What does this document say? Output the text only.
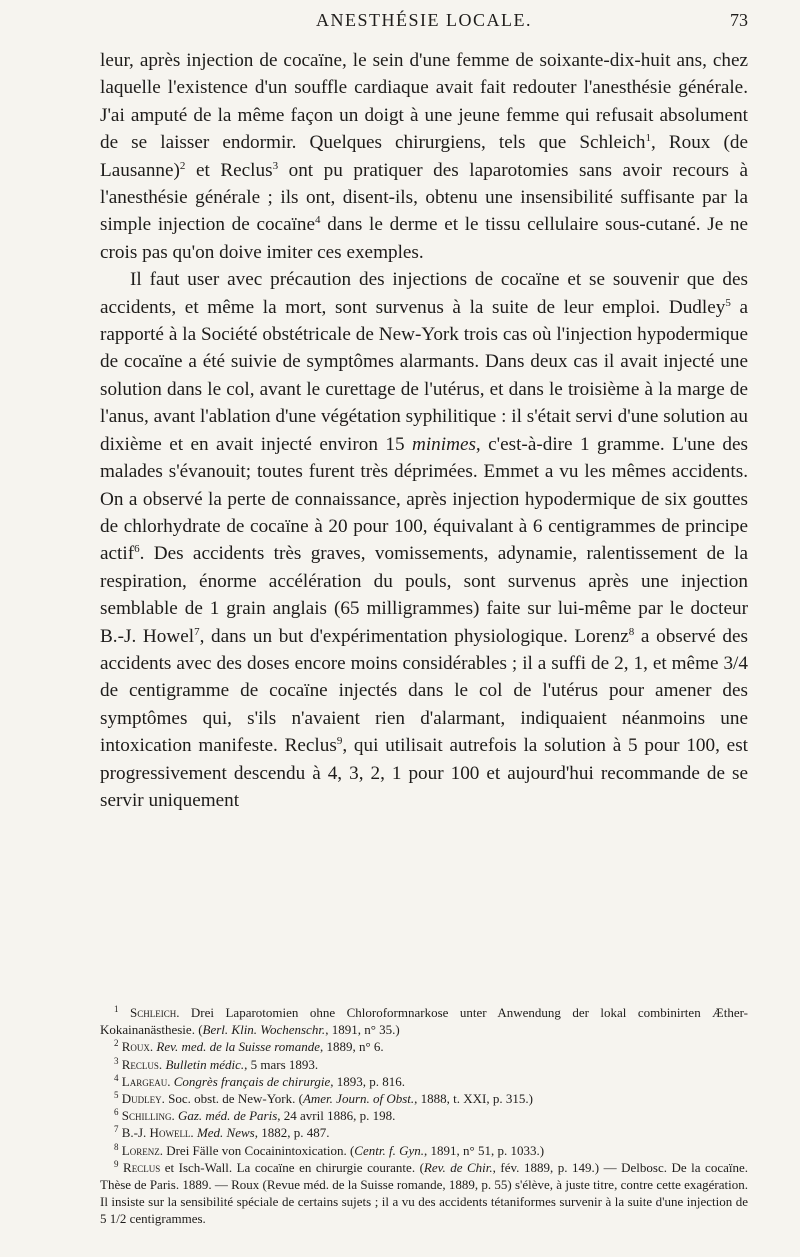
ANESTHÉSIE LOCALE.	73

leur, après injection de cocaïne, le sein d'une femme de soixante-dix-huit ans, chez laquelle l'existence d'un souffle cardiaque avait fait redouter l'anesthésie générale. J'ai amputé de la même façon un doigt à une jeune femme qui refusait absolument de se laisser endormir. Quelques chirurgiens, tels que Schleich$^1$, Roux (de Lausanne)$^2$ et Reclus$^3$ ont pu pratiquer des laparotomies sans avoir recours à l'anesthésie générale ; ils ont, disent-ils, obtenu une insensibilité suffisante par la simple injection de cocaïne$^4$ dans le derme et le tissu cellulaire sous-cutané. Je ne crois pas qu'on doive imiter ces exemples.

Il faut user avec précaution des injections de cocaïne et se souvenir que des accidents, et même la mort, sont survenus à la suite de leur emploi. Dudley$^5$ a rapporté à la Société obstétricale de New-York trois cas où l'injection hypodermique de cocaïne a été suivie de symptômes alarmants. Dans deux cas il avait injecté une solution dans le col, avant le curettage de l'utérus, et dans le troisième à la marge de l'anus, avant l'ablation d'une végétation syphilitique : il s'était servi d'une solution au dixième et en avait injecté environ 15 minimes, c'est-à-dire 1 gramme. L'une des malades s'évanouit; toutes furent très déprimées. Emmet a vu les mêmes accidents. On a observé la perte de connaissance, après injection hypodermique de six gouttes de chlorhydrate de cocaïne à 20 pour 100, équivalant à 6 centigrammes de principe actif$^6$. Des accidents très graves, vomissements, adynamie, ralentissement de la respiration, énorme accélération du pouls, sont survenus après une injection semblable de 1 grain anglais (65 milligrammes) faite sur lui-même par le docteur B.-J. Howel$^7$, dans un but d'expérimentation physiologique. Lorenz$^8$ a observé des accidents avec des doses encore moins considérables ; il a suffi de 2, 1, et même 3/4 de centigramme de cocaïne injectés dans le col de l'utérus pour amener des symptômes qui, s'ils n'avaient rien d'alarmant, indiquaient néanmoins une intoxication manifeste. Reclus$^9$, qui utilisait autrefois la solution à 5 pour 100, est progressivement descendu à 4, 3, 2, 1 pour 100 et aujourd'hui recommande de se servir uniquement

$^1$ Schleich. Drei Laparotomien ohne Chloroformnarkose unter Anwendung der lokal combinirten Æther-Kokainanästhesie. (Berl. Klin. Wochenschr., 1891, n° 35.)

$^2$ Roux. Rev. med. de la Suisse romande, 1889, n° 6.

$^3$ Reclus. Bulletin médic., 5 mars 1893.

$^4$ Largeau. Congrès français de chirurgie, 1893, p. 816.

$^5$ Dudley. Soc. obst. de New-York. (Amer. Journ. of Obst., 1888, t. XXI, p. 315.)

$^6$ Schilling. Gaz. méd. de Paris, 24 avril 1886, p. 198.

$^7$ B.-J. Howell. Med. News, 1882, p. 487.

$^8$ Lorenz. Drei Fälle von Cocainintoxication. (Centr. f. Gyn., 1891, n° 51, p. 1033.)

$^9$ Reclus et Isch-Wall. La cocaïne en chirurgie courante. (Rev. de Chir., fév. 1889, p. 149.) — Delbosc. De la cocaïne. Thèse de Paris. 1889. — Roux (Revue méd. de la Suisse romande, 1889, p. 55) s'élève, à juste titre, contre cette exagération. Il insiste sur la sensibilité spéciale de certains sujets ; il a vu des accidents tétaniformes survenir à la suite d'une injection de 5 1/2 centigrammes.
